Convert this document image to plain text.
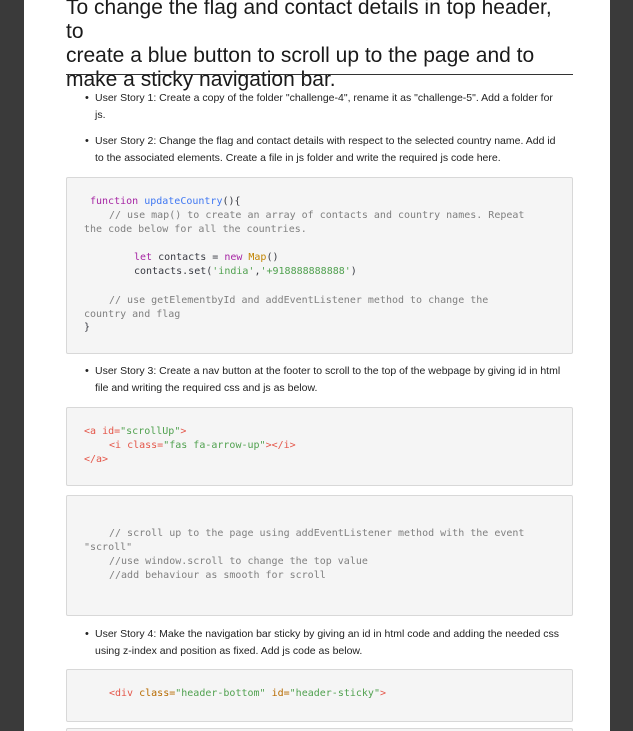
To change the flag and contact details in top header, to
create a blue button to scroll up to the page and to
make a sticky navigation bar.
• User Story 1: Create a copy of the folder "challenge-4", rename it as "challenge-5". Add a folder for
js.
• User Story 2: Change the flag and contact details with respect to the selected country name. Add id
to the associated elements. Create a file in js folder and write the required js code here.
function updateCountry(){
// use map() to create an array of contacts and country names. Repeat
the code below for all the countries.
let contacts = new Map()
contacts.set('india','+918888888888')
// use getElementbyId and addEventListener method to change the
country and flag
}
• User Story 3: Create a nav button at the footer to scroll to the top of the webpage by giving id in html
file and writing the required css and js as below.
<a id="scrollUp">
<i class="fas fa-arrow-up"></i>
</a>
// scroll up to the page using addEventListener method with the event
"scroll"
//use window.scroll to change the top value
//add behaviour as smooth for scroll
• User Story 4: Make the navigation bar sticky by giving an id in html code and adding the needed css
using z-index and position as fixed. Add js code as below.
<div class="header-bottom" id="header-sticky">
